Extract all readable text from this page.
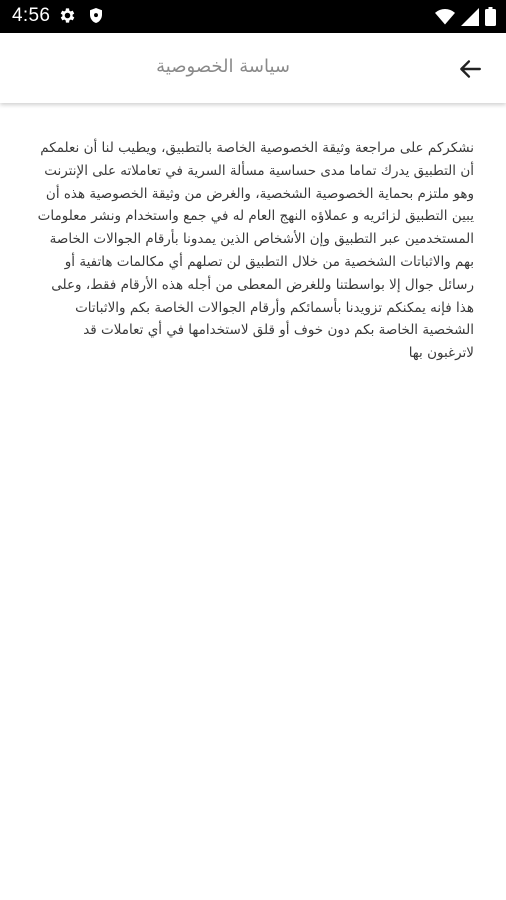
4:56
سياسة الخصوصية

نشكركم على مراجعة وثيقة الخصوصية الخاصة بالتطبيق، ويطيب لنا أن نعلمكم أن التطبيق يدرك تماما مدى حساسية مسألة السرية في تعاملاته على الإنترنت وهو ملتزم بحماية الخصوصية الشخصية، والغرض من وثيقة الخصوصية هذه أن يبين التطبيق لزائريه و عملاؤه النهج العام له في جمع واستخدام ونشر معلومات المستخدمين عبر التطبيق وإن الأشخاص الذين يمدونا بأرقام الجوالات الخاصة بهم والاثباتات الشخصية من خلال التطبيق لن تصلهم أي مكالمات هاتفية أو رسائل جوال إلا بواسطتنا وللغرض المعطى من أجله هذه الأرقام فقط، وعلى هذا فإنه يمكنكم تزويدنا بأسمائكم وأرقام الجوالات الخاصة بكم والاثباتات الشخصية الخاصة بكم دون خوف أو قلق لاستخدامها في أي تعاملات قد لاترغبون بها
